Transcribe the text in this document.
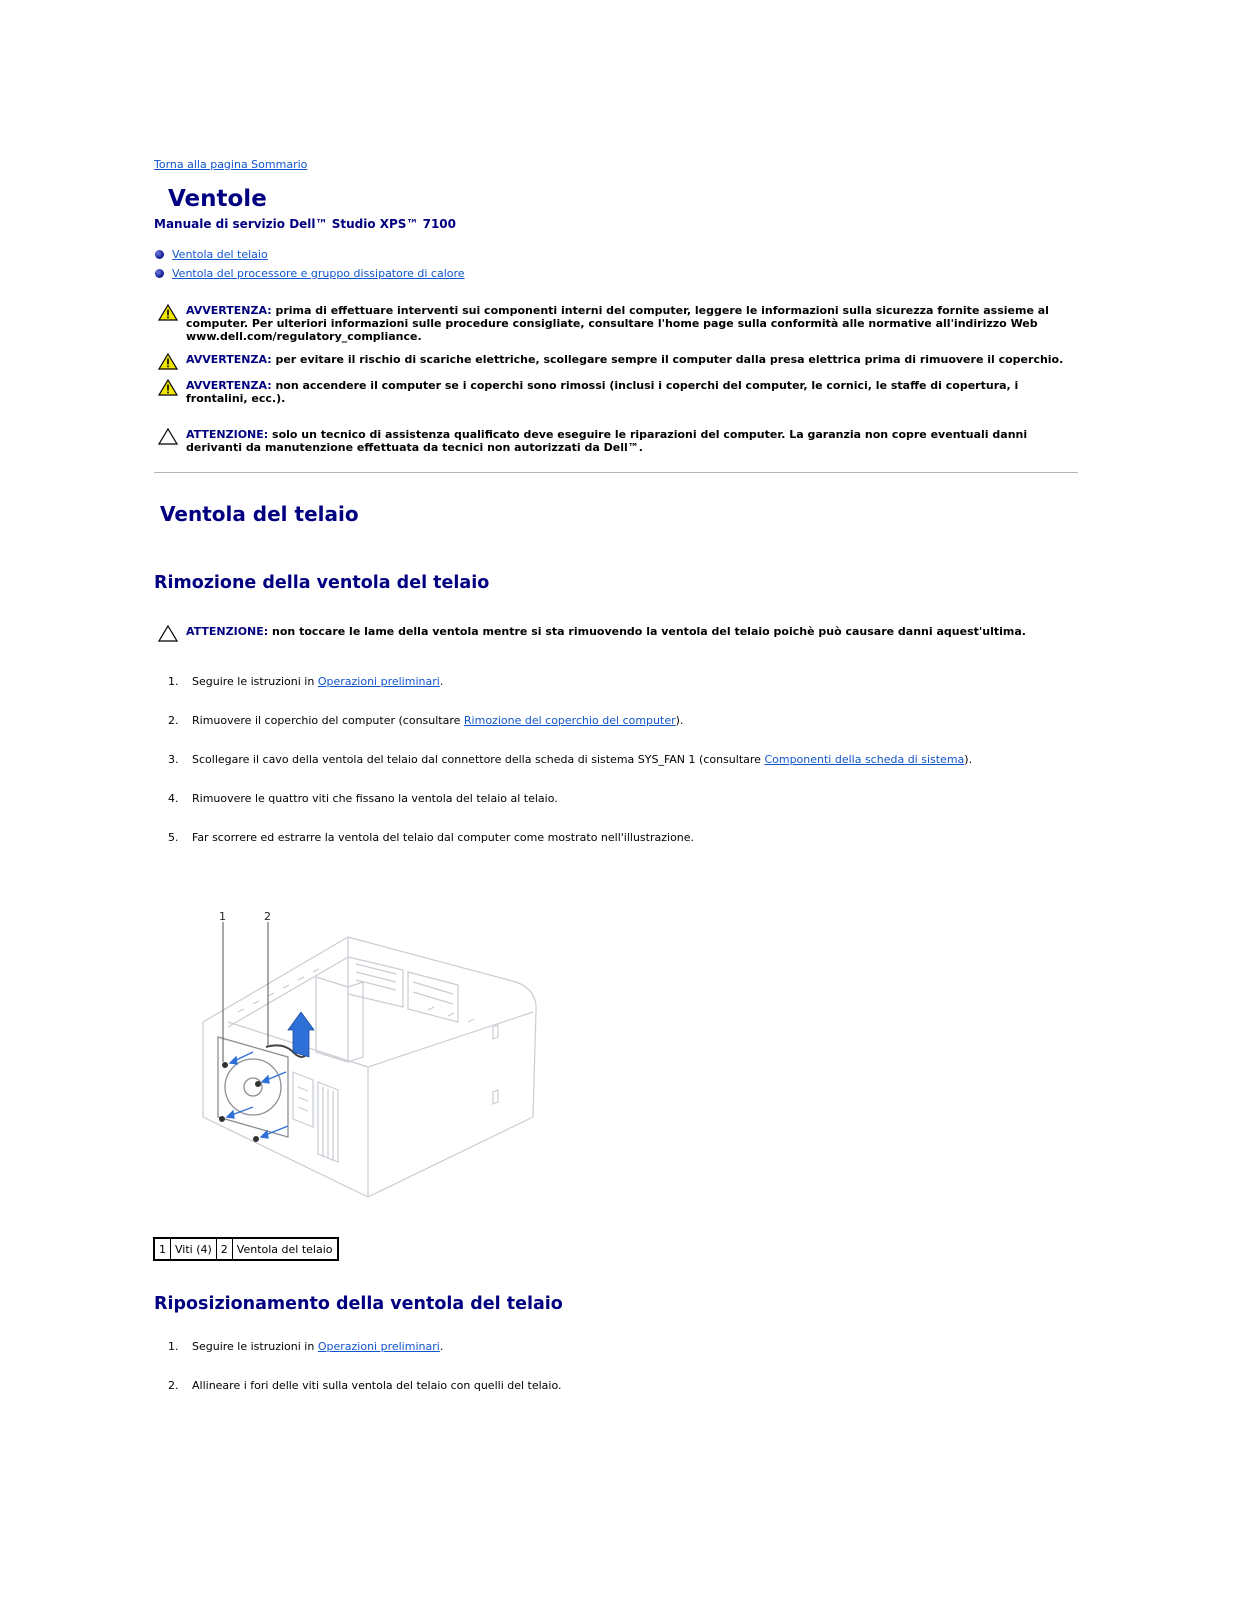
Torna alla pagina Sommario
Ventole
Manuale di servizio Dell™ Studio XPS™ 7100
Ventola del telaio
Ventola del processore e gruppo dissipatore di calore
AVVERTENZA: prima di effettuare interventi sui componenti interni del computer, leggere le informazioni sulla sicurezza fornite assieme al computer. Per ulteriori informazioni sulle procedure consigliate, consultare l'home page sulla conformità alle normative all'indirizzo Web www.dell.com/regulatory_compliance.
AVVERTENZA: per evitare il rischio di scariche elettriche, scollegare sempre il computer dalla presa elettrica prima di rimuovere il coperchio.
AVVERTENZA: non accendere il computer se i coperchi sono rimossi (inclusi i coperchi del computer, le cornici, le staffe di copertura, i frontalini, ecc.).
ATTENZIONE: solo un tecnico di assistenza qualificato deve eseguire le riparazioni del computer. La garanzia non copre eventuali danni derivanti da manutenzione effettuata da tecnici non autorizzati da Dell™.
Ventola del telaio
Rimozione della ventola del telaio
ATTENZIONE: non toccare le lame della ventola mentre si sta rimuovendo la ventola del telaio poichè può causare danni aquest'ultima.
1. Seguire le istruzioni in Operazioni preliminari.
2. Rimuovere il coperchio del computer (consultare Rimozione del coperchio del computer).
3. Scollegare il cavo della ventola del telaio dal connettore della scheda di sistema SYS_FAN 1 (consultare Componenti della scheda di sistema).
4. Rimuovere le quattro viti che fissano la ventola del telaio al telaio.
5. Far scorrere ed estrarre la ventola del telaio dal computer come mostrato nell'illustrazione.
1	2
1	Viti (4)	2	Ventola del telaio
Riposizionamento della ventola del telaio
1. Seguire le istruzioni in Operazioni preliminari.
2. Allineare i fori delle viti sulla ventola del telaio con quelli del telaio.
